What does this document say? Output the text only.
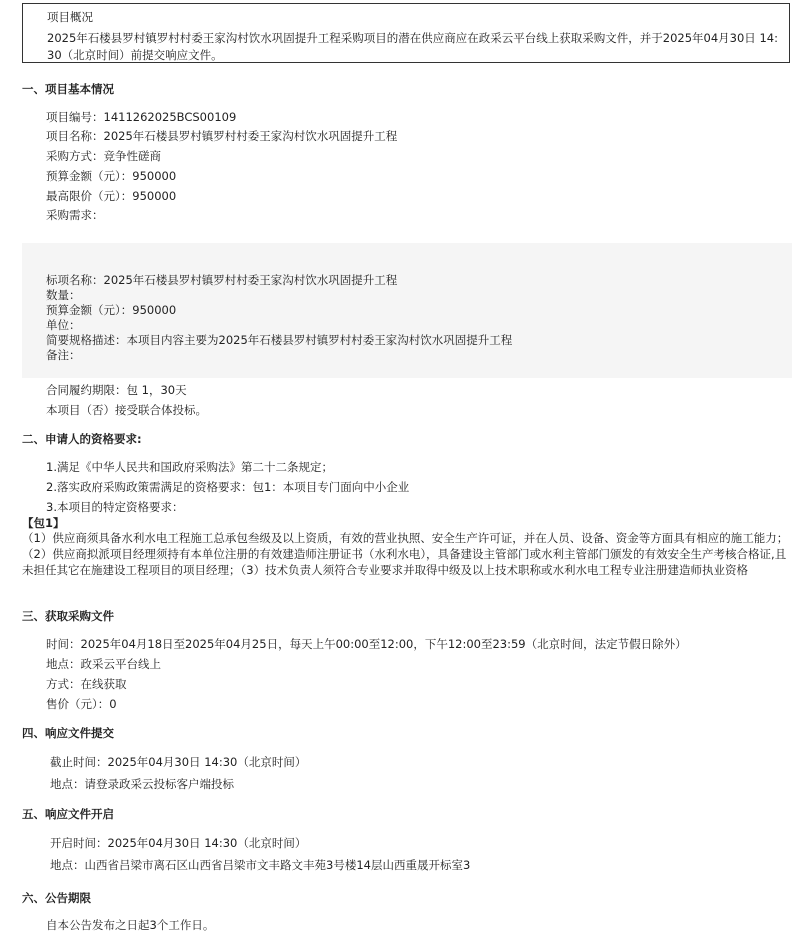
项目概况
2025年石楼县罗村镇罗村村委王家沟村饮水巩固提升工程采购项目的潜在供应商应在政采云平台线上获取采购文件，并于2025年04月30日 14:30（北京时间）前提交响应文件。
一、项目基本情况
项目编号：1411262025BCS00109
项目名称：2025年石楼县罗村镇罗村村委王家沟村饮水巩固提升工程
采购方式：竞争性磋商
预算金额（元）：950000
最高限价（元）：950000
采购需求：
标项名称：2025年石楼县罗村镇罗村村委王家沟村饮水巩固提升工程
数量：
预算金额（元）：950000
单位：
简要规格描述：本项目内容主要为2025年石楼县罗村镇罗村村委王家沟村饮水巩固提升工程
备注：
合同履约期限：包 1，30天
本项目（否）接受联合体投标。
二、申请人的资格要求:
1.满足《中华人民共和国政府采购法》第二十二条规定；
2.落实政府采购政策需满足的资格要求：包1：本项目专门面向中小企业
3.本项目的特定资格要求：
【包1】
（1）供应商须具备水利水电工程施工总承包叁级及以上资质，有效的营业执照、安全生产许可证，并在人员、设备、资金等方面具有相应的施工能力；（2）供应商拟派项目经理须持有本单位注册的有效建造师注册证书（水利水电），具备建设主管部门或水利主管部门颁发的有效安全生产考核合格证,且未担任其它在施建设工程项目的项目经理；（3）技术负责人须符合专业要求并取得中级及以上技术职称或水利水电工程专业注册建造师执业资格
三、获取采购文件
时间：2025年04月18日至2025年04月25日，每天上午00:00至12:00，下午12:00至23:59（北京时间，法定节假日除外）
地点：政采云平台线上
方式：在线获取
售价（元）：0
四、响应文件提交
截止时间：2025年04月30日 14:30（北京时间）
地点：请登录政采云投标客户端投标
五、响应文件开启
开启时间：2025年04月30日 14:30（北京时间）
地点：山西省吕梁市离石区山西省吕梁市文丰路文丰苑3号楼14层山西重晟开标室3
六、公告期限
自本公告发布之日起3个工作日。
